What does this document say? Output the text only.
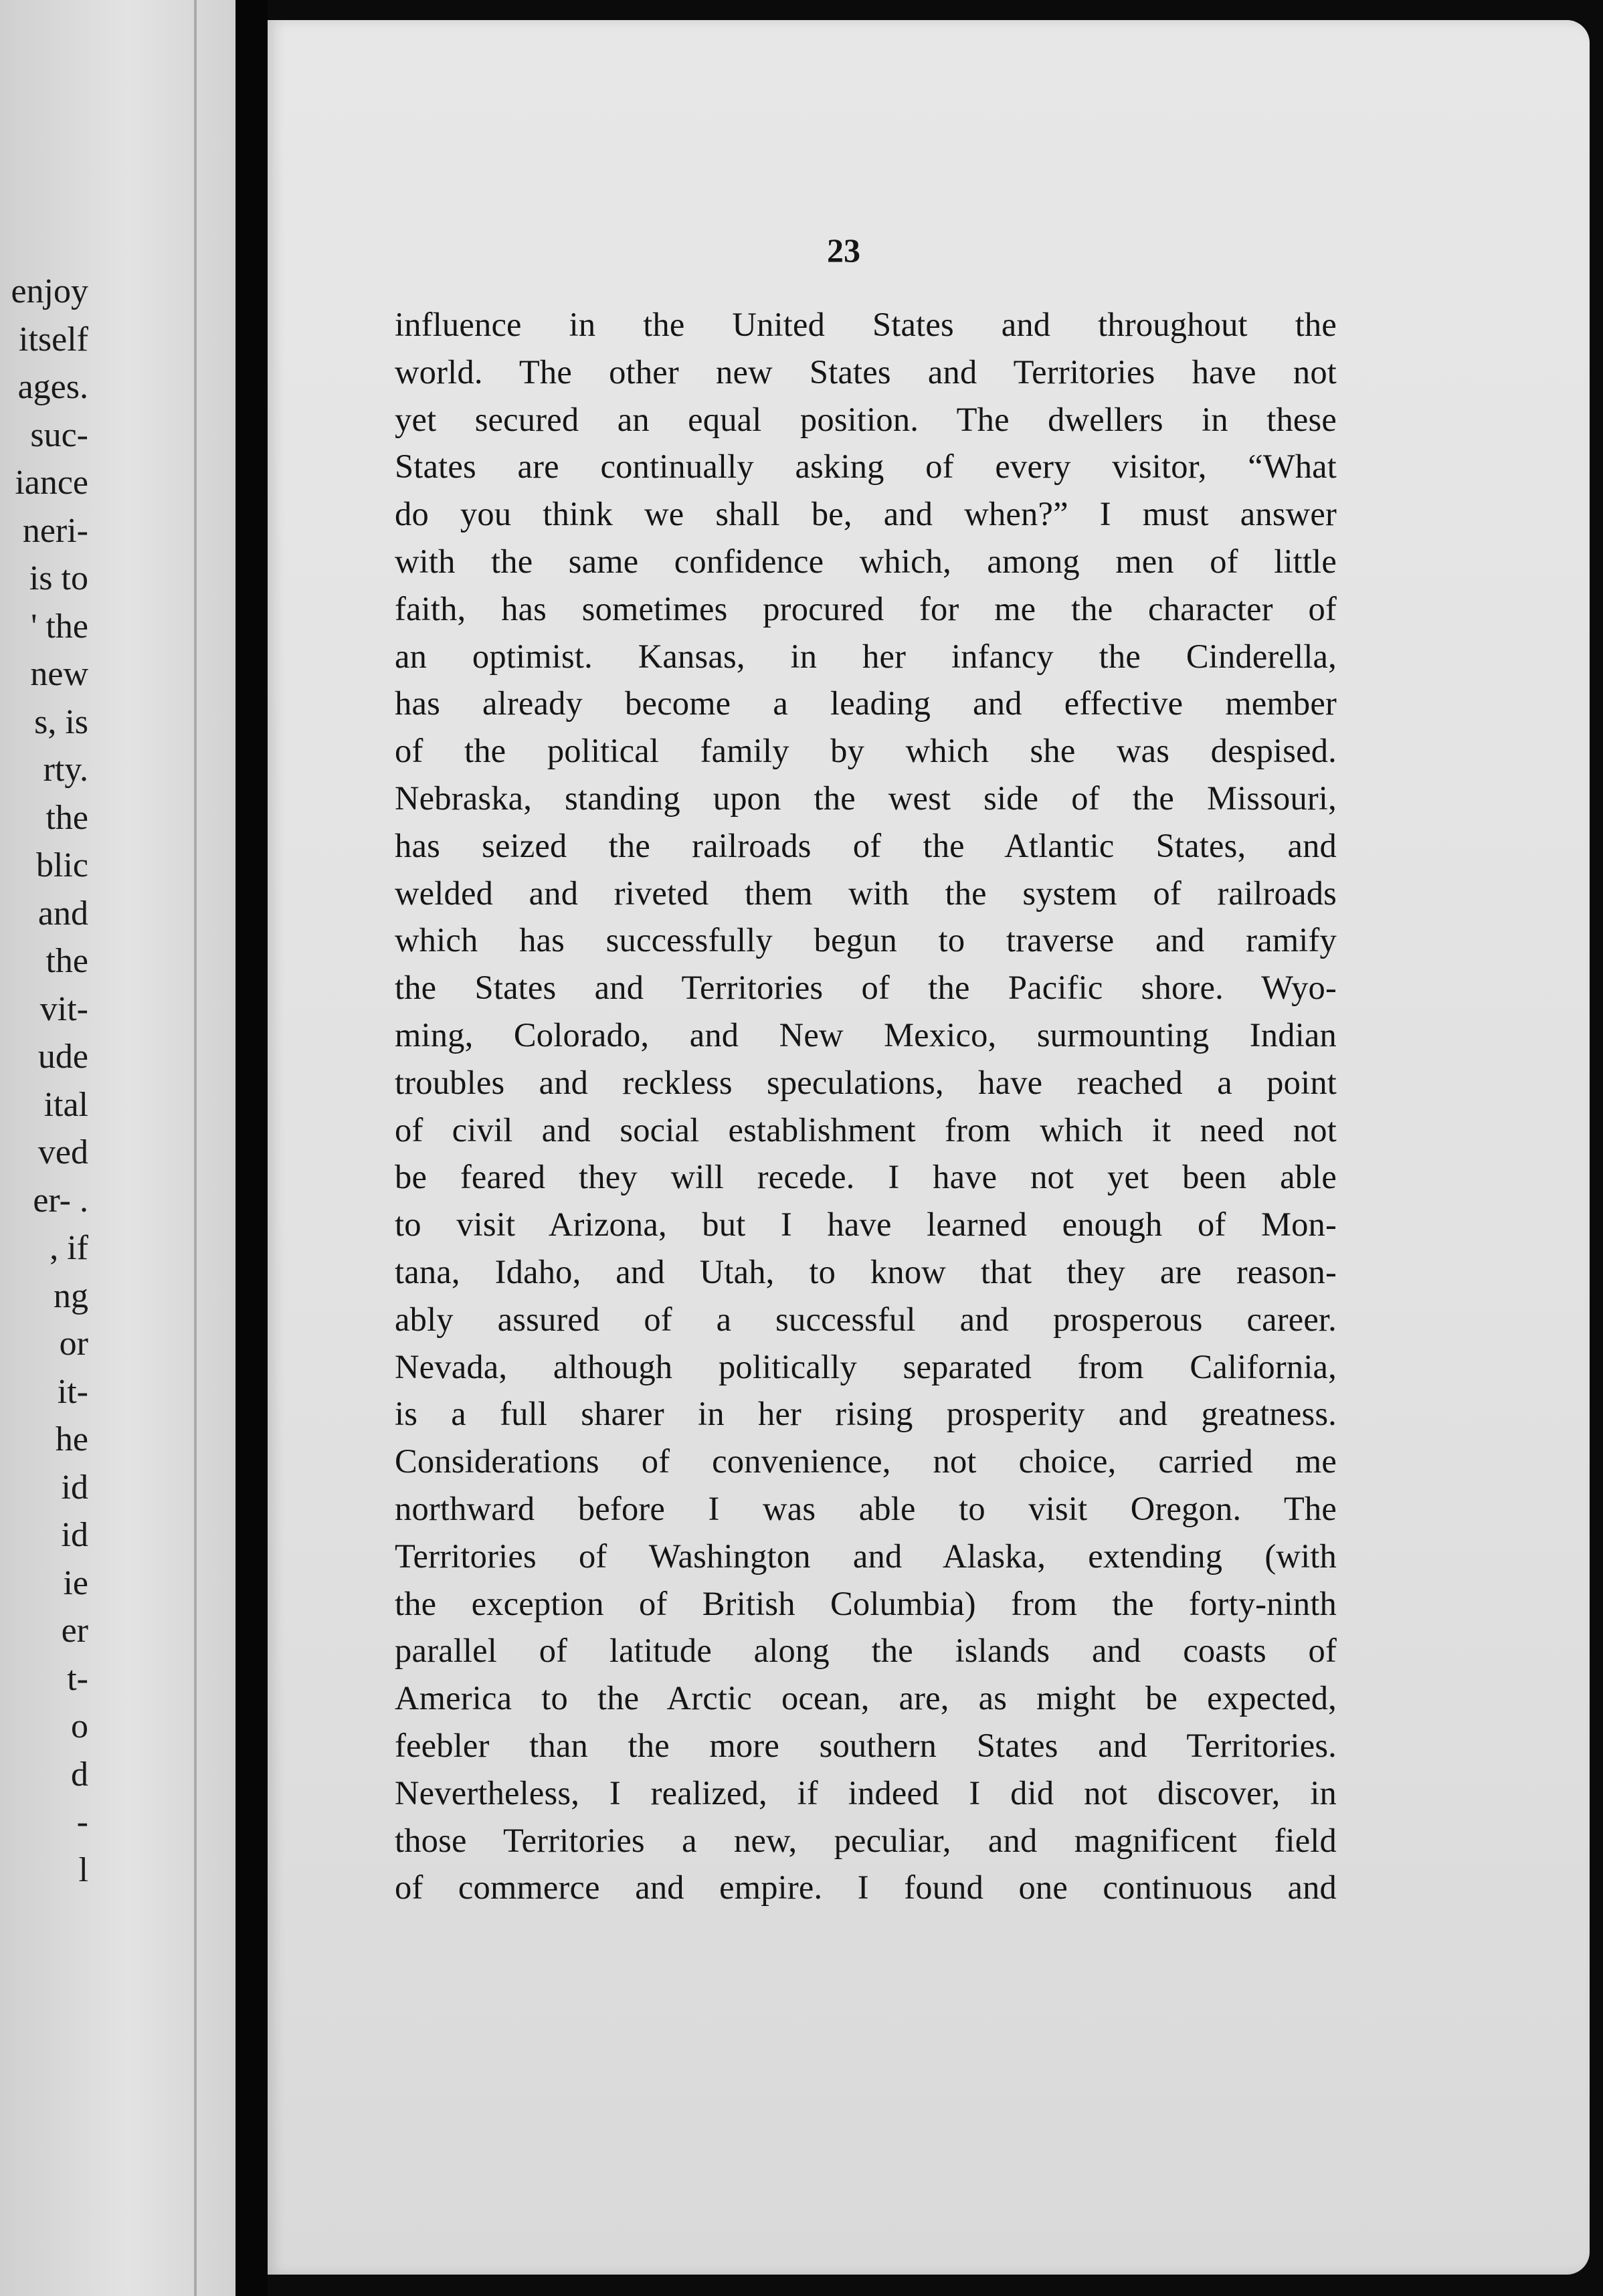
enjoy
itself
ages.
suc-
iance
neri-
is to
' the
new
s, is
rty.
the
blic
and
the
vit-
ude
ital
ved
er- .
, if
ng
or
it-
he
id
id
ie
er
t-
o
d
-
l
23
influence in the United States and throughout the
world. The other new States and Territories have not
yet secured an equal position. The dwellers in these
States are continually asking of every visitor, “What
do you think we shall be, and when?” I must answer
with the same confidence which, among men of little
faith, has sometimes procured for me the character of
an optimist. Kansas, in her infancy the Cinderella,
has already become a leading and effective member
of the political family by which she was despised.
Nebraska, standing upon the west side of the Missouri,
has seized the railroads of the Atlantic States, and
welded and riveted them with the system of railroads
which has successfully begun to traverse and ramify
the States and Territories of the Pacific shore. Wyo-
ming, Colorado, and New Mexico, surmounting Indian
troubles and reckless speculations, have reached a point
of civil and social establishment from which it need not
be feared they will recede. I have not yet been able
to visit Arizona, but I have learned enough of Mon-
tana, Idaho, and Utah, to know that they are reason-
ably assured of a successful and prosperous career.
Nevada, although politically separated from California,
is a full sharer in her rising prosperity and greatness.
Considerations of convenience, not choice, carried me
northward before I was able to visit Oregon. The
Territories of Washington and Alaska, extending (with
the exception of British Columbia) from the forty-ninth
parallel of latitude along the islands and coasts of
America to the Arctic ocean, are, as might be expected,
feebler than the more southern States and Territories.
Nevertheless, I realized, if indeed I did not discover, in
those Territories a new, peculiar, and magnificent field
of commerce and empire. I found one continuous and
